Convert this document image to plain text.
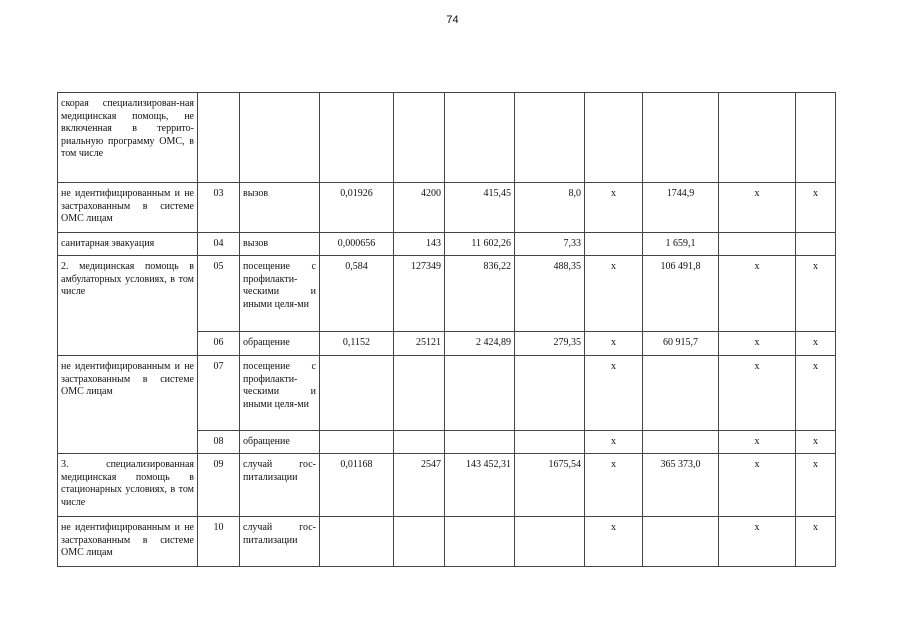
74
скорая специализирован-ная медицинская помощь, не включенная в террито-риальную программу ОМС, в том числе										
не идентифицированным и не застрахованным в системе ОМС лицам	03	вызов	0,01926	4200	415,45	8,0	x	1744,9	x	x
санитарная эвакуация	04	вызов	0,000656	143	11 602,26	7,33		1 659,1		
2. медицинская помощь в амбулаторных условиях, в том числе	05	посещение с профилакти-ческими и иными целя-ми	0,584	127349	836,22	488,35	x	106 491,8	x	x
	06	обращение	0,1152	25121	2 424,89	279,35	x	60 915,7	x	x
не идентифицированным и не застрахованным в системе ОМС лицам	07	посещение с профилакти-ческими и иными целя-ми					x		x	x
	08	обращение					x		x	x
3. специализированная медицинская помощь в стационарных условиях, в том числе	09	случай гос-питализации	0,01168	2547	143 452,31	1675,54	x	365 373,0	x	x
не идентифицированным и не застрахованным в системе ОМС лицам	10	случай гос-питализации					x		x	x
